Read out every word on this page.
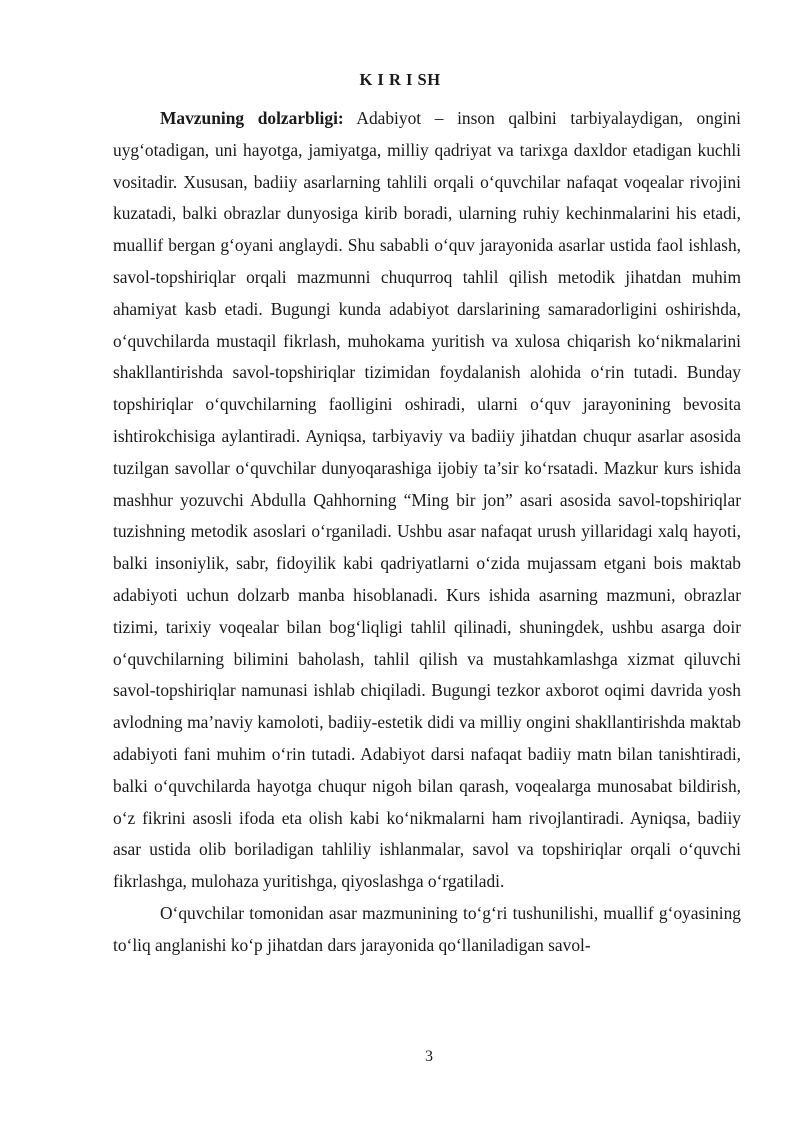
K I R I SH

Mavzuning dolzarbligi: Adabiyot – inson qalbini tarbiyalaydigan, ongini uyg‘otadigan, uni hayotga, jamiyatga, milliy qadriyat va tarixga daxldor etadigan kuchli vositadir. Xususan, badiiy asarlarning tahlili orqali o‘quvchilar nafaqat voqealar rivojini kuzatadi, balki obrazlar dunyosiga kirib boradi, ularning ruhiy kechinmalarini his etadi, muallif bergan g‘oyani anglaydi. Shu sababli o‘quv jarayonida asarlar ustida faol ishlash, savol-topshiriqlar orqali mazmunni chuqurroq tahlil qilish metodik jihatdan muhim ahamiyat kasb etadi. Bugungi kunda adabiyot darslarining samaradorligini oshirishda, o‘quvchilarda mustaqil fikrlash, muhokama yuritish va xulosa chiqarish ko‘nikmalarini shakllantirishda savol-topshiriqlar tizimidan foydalanish alohida o‘rin tutadi. Bunday topshiriqlar o‘quvchilarning faolligini oshiradi, ularni o‘quv jarayonining bevosita ishtirokchisiga aylantiradi. Ayniqsa, tarbiyaviy va badiiy jihatdan chuqur asarlar asosida tuzilgan savollar o‘quvchilar dunyoqarashiga ijobiy ta’sir ko‘rsatadi. Mazkur kurs ishida mashhur yozuvchi Abdulla Qahhorning “Ming bir jon” asari asosida savol-topshiriqlar tuzishning metodik asoslari o‘rganiladi. Ushbu asar nafaqat urush yillaridagi xalq hayoti, balki insoniylik, sabr, fidoyilik kabi qadriyatlarni o‘zida mujassam etgani bois maktab adabiyoti uchun dolzarb manba hisoblanadi. Kurs ishida asarning mazmuni, obrazlar tizimi, tarixiy voqealar bilan bog‘liqligi tahlil qilinadi, shuningdek, ushbu asarga doir o‘quvchilarning bilimini baholash, tahlil qilish va mustahkamlashga xizmat qiluvchi savol-topshiriqlar namunasi ishlab chiqiladi. Bugungi tezkor axborot oqimi davrida yosh avlodning ma’naviy kamoloti, badiiy-estetik didi va milliy ongini shakllantirishda maktab adabiyoti fani muhim o‘rin tutadi. Adabiyot darsi nafaqat badiiy matn bilan tanishtiradi, balki o‘quvchilarda hayotga chuqur nigoh bilan qarash, voqealarga munosabat bildirish, o‘z fikrini asosli ifoda eta olish kabi ko‘nikmalarni ham rivojlantiradi. Ayniqsa, badiiy asar ustida olib boriladigan tahliliy ishlanmalar, savol va topshiriqlar orqali o‘quvchi fikrlashga, mulohaza yuritishga, qiyoslashga o‘rgatiladi.

O‘quvchilar tomonidan asar mazmunining to‘g‘ri tushunilishi, muallif g‘oyasining to‘liq anglanishi ko‘p jihatdan dars jarayonida qo‘llaniladigan savol-

3
